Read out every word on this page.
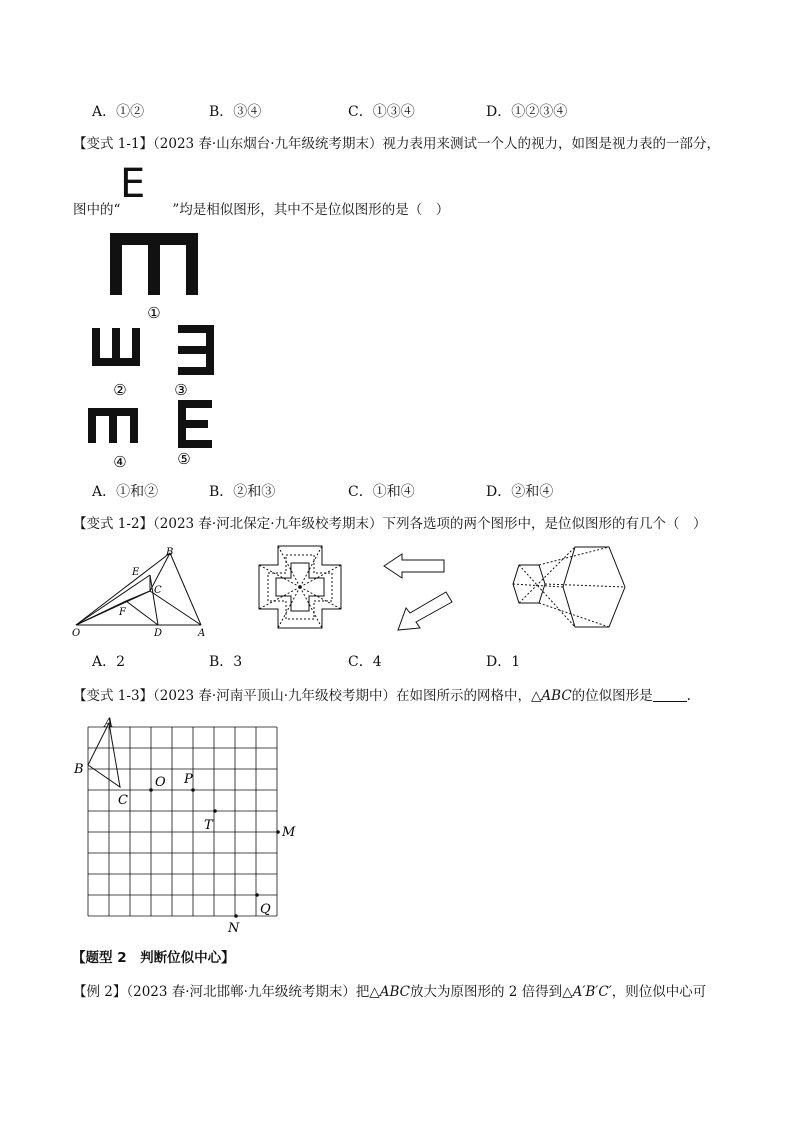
A．①②	B．③④	C．①③④	D．①②③④
【变式 1-1】（2023 春·山东烟台·九年级统考期末）视力表用来测试一个人的视力，如图是视力表的一部分，
图中的“	”均是相似图形，其中不是位似图形的是（　）
E
①
②	③
④	⑤
A．①和②	B．②和③	C．①和④	D．②和④
【变式 1-2】（2023 春·河北保定·九年级校考期末）下列各选项的两个图形中，是位似图形的有几个（　）
B
E
C
F
O	D	A
A．2	B．3	C．4	D．1
【变式 1-3】（2023 春·河南平顶山·九年级校考期中）在如图所示的网格中，△ABC的位似图形是	.
A
B
C
O P
T	M
Q
N
【题型 2　判断位似中心】
【例 2】（2023 春·河北邯郸·九年级统考期末）把△ABC放大为原图形的 2 倍得到△A′B′C′，则位似中心可
